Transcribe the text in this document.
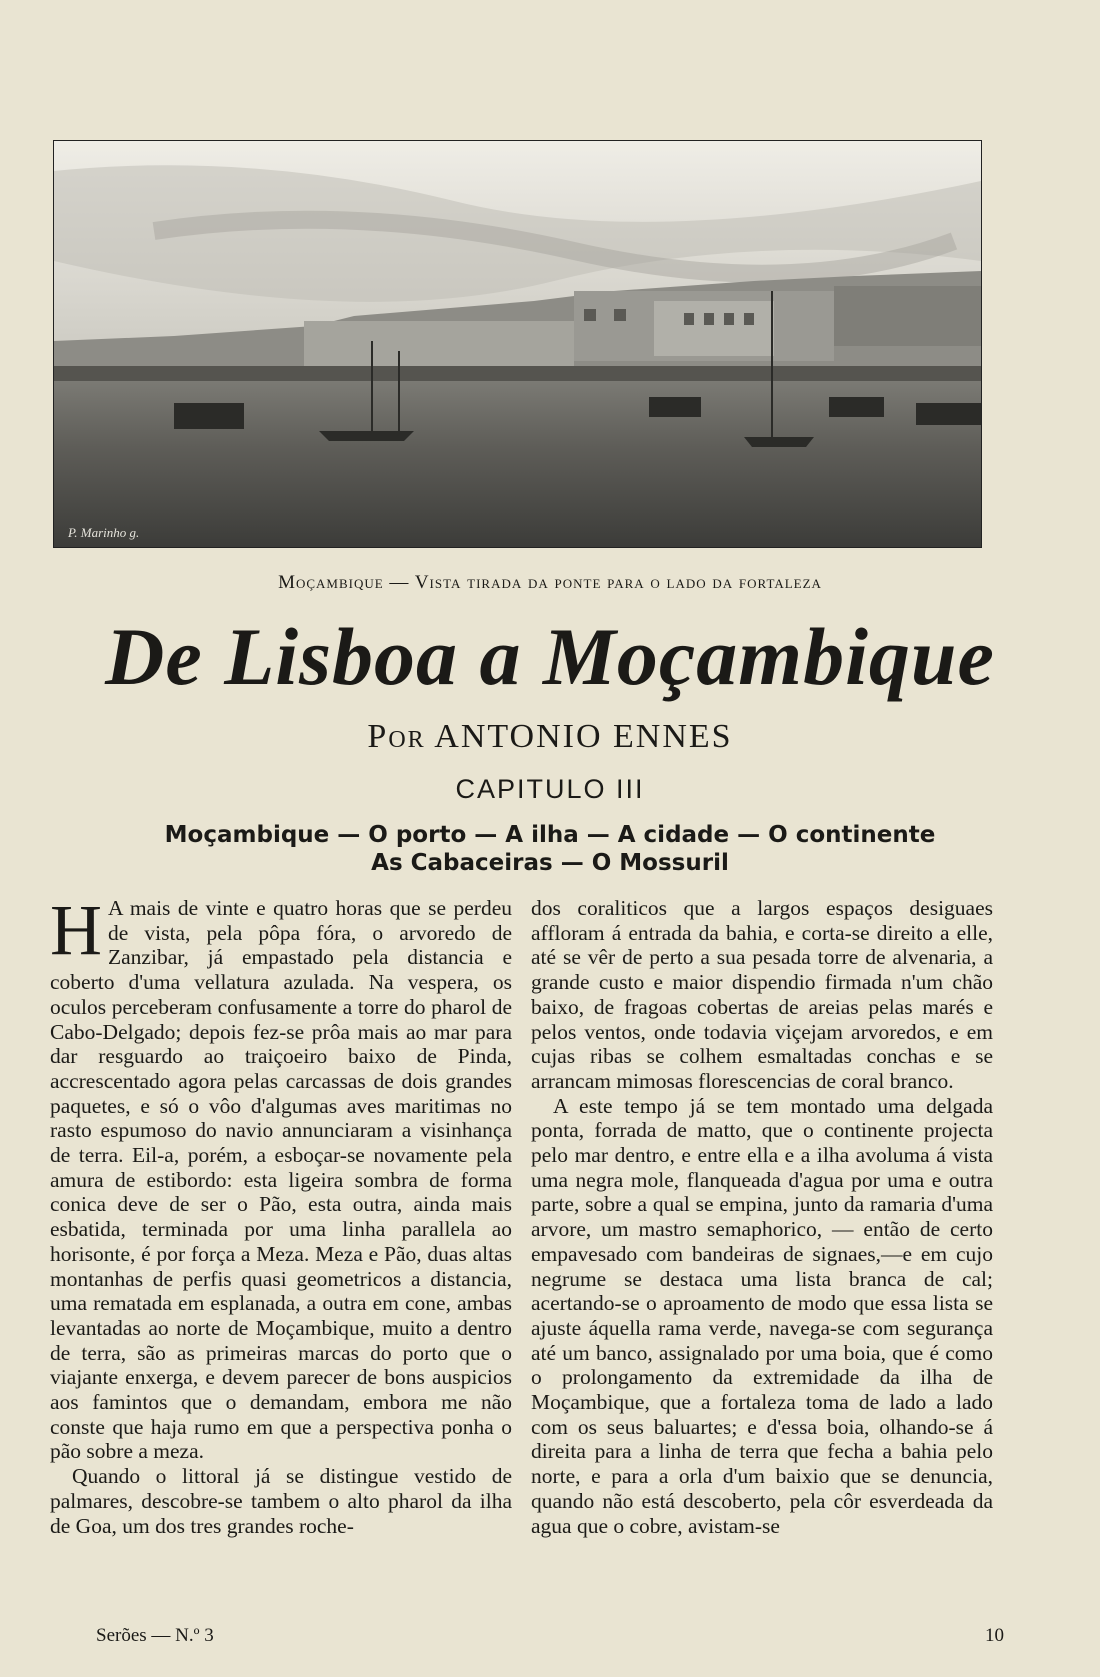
P. Marinho g.
Moçambique — Vista tirada da ponte para o lado da fortaleza
De Lisboa a Moçambique
Por ANTONIO ENNES
CAPITULO III
Moçambique — O porto — A ilha — A cidade — O continente
As Cabaceiras — O Mossuril

H A mais de vinte e quatro horas que se perdeu de vista, pela pôpa fóra, o arvoredo de Zanzibar, já empastado pela distancia e coberto d'uma vellatura azulada. Na vespera, os oculos perceberam confusamente a torre do pharol de Cabo-Delgado; depois fez-se prôa mais ao mar para dar resguardo ao traiçoeiro baixo de Pinda, accrescentado agora pelas carcassas de dois grandes paquetes, e só o vôo d'algumas aves maritimas no rasto espumoso do navio annunciaram a visinhança de terra. Eil-a, porém, a esboçar-se novamente pela amura de estibordo: esta ligeira sombra de forma conica deve de ser o Pão, esta outra, ainda mais esbatida, terminada por uma linha parallela ao horisonte, é por força a Meza. Meza e Pão, duas altas montanhas de perfis quasi geometricos a distancia, uma rematada em esplanada, a outra em cone, ambas levantadas ao norte de Moçambique, muito a dentro de terra, são as primeiras marcas do porto que o viajante enxerga, e devem parecer de bons auspicios aos famintos que o demandam, embora me não conste que haja rumo em que a perspectiva ponha o pão sobre a meza.

Quando o littoral já se distingue vestido de palmares, descobre-se tambem o alto pharol da ilha de Goa, um dos tres grandes roche-

dos coraliticos que a largos espaços desiguaes affloram á entrada da bahia, e corta-se direito a elle, até se vêr de perto a sua pesada torre de alvenaria, a grande custo e maior dispendio firmada n'um chão baixo, de fragoas cobertas de areias pelas marés e pelos ventos, onde todavia viçejam arvoredos, e em cujas ribas se colhem esmaltadas conchas e se arrancam mimosas florescencias de coral branco.

A este tempo já se tem montado uma delgada ponta, forrada de matto, que o continente projecta pelo mar dentro, e entre ella e a ilha avoluma á vista uma negra mole, flanqueada d'agua por uma e outra parte, sobre a qual se empina, junto da ramaria d'uma arvore, um mastro semaphorico, — então de certo empavesado com bandeiras de signaes,—e em cujo negrume se destaca uma lista branca de cal; acertando-se o aproamento de modo que essa lista se ajuste áquella rama verde, navega-se com segurança até um banco, assignalado por uma boia, que é como o prolongamento da extremidade da ilha de Moçambique, que a fortaleza toma de lado a lado com os seus baluartes; e d'essa boia, olhando-se á direita para a linha de terra que fecha a bahia pelo norte, e para a orla d'um baixio que se denuncia, quando não está descoberto, pela côr esverdeada da agua que o cobre, avistam-se

Serões — N.º 3	10
